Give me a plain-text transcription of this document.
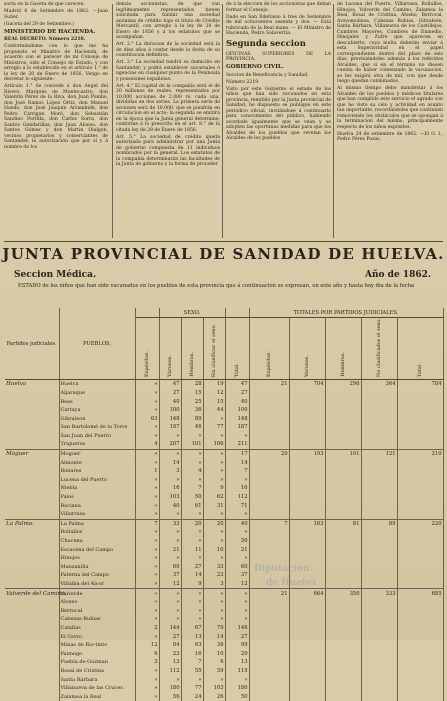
sorta en la Gaceta de que carecen.

Madrid 6 de Setiembre de 1862. —Juan Suñer.

(Gaceta del 29 de Setiembre.)

MINISTERIO DE HACIENDA.

REAL DECRETO. Número 2218.

Conformándome con lo que me ha propuesto el Ministro de Hacienda, de acuerdo con el parecer de mi Consejo de Ministros, oido el Consejo de Estado, y con arreglo á lo establecido en el artículo 1.° de la ley de 20 de Enero de 1856, Vengo en decretar lo siguiente:

Artículo 1.° Se concede á don Angel del Rivero, Marqués de Montecastro, don Valentin Pérez de la Riva, don Juan Pombo, don José Ramos López Ortiz, don Manuel Haedo, don José Joaquin Arrambide, don Pedro Carrigan Moró, don Sebastián Sandino Portilla, don Carlos Sorra, don Santos Gandarillas, don Juan Alonso, don Santos Gómez y don Martin Olalgon, vecinos propietarios y comerciantes de Santander, la autorización que por sí y á nombre de los

demás accionistas, de que van legítimamente representados tienen solicitada para fundar una sociedad anónima de crédito bajo el título de Crédito Mercantil, con arreglo á la ley de 28 de Enero de 1856 y á los estatutos que se acompañan.

Art. 2.° La duracion de la sociedad será la de diez años á contar desde la fecha de su constitucion definitiva.

Art. 3.° La sociedad tendrá su domicilio en Santander, y podrá establecer sucursales ó agencias en cualquier punto de la Península y posesiones españolas.

Art. 4.° El capital de la compañía será el de 20 millones de reales, representados por 10.000 acciones de 2.000 rs. cada una, divididas en dos series. La primera serie de acciones será de 10.000, que se pondrán en circulacion en el acto; la segunda se emitirá en la época que la Junta general determine, conforme á lo prescrito en el art. 8.° de la citada ley de 28 de Enero de 1856.

Art. 5.° La sociedad de crédito queda autorizada para administrar por una Junta de gobierno compuesta de 11 individuos nombrados por la general. Los estatutos de la compañía determinarán las facultades de la Junta de gobierno y la forma de proceder

de á la eleccion de los accionistas que deban formar el Consejo.

Dado en San Ildefonso á tres de Setiembre de mil ochocientos sesenta y dos. — Está rubricado de la Real mano. — El Ministro de Hacienda, Pedro Salaverría.

Segunda seccion

OFICINAS SUPERIORES DE LA PROVINCIA.

GOBIERNO CIVIL.

Seccion de Beneficencia y Sanidad.

Número 2219

Visto por este Gobierno el estado de los niños que han sido vacunados en esta provincia, remitido por la Junta provincial de Sanidad, he dispuesto se publique en este periódico oficial, invitándose á continuarlo para conocimiento del público, habiendo acordado igualmente que se vean y se adopten las oportunas medidas para que los Alcaldes de los pueblos que revelan los Alcaldes de los pueblos

de Lucena del Puerto, Villarrasa, Bollullos, Hinojos, Valverde del Camino, Zalamea la Real, Rosal de Cristina, Alosno, Berrocal, Aroyomolinos, Cabezas Rubias, Gibraleón, Santa Bárbara, Villanueva de los Castillejos, Cumbres Mayores, Cumbres de Enmedio, Hinojales y Zufre que aparecen en descubierto, cuya multa deberán enviar á esta Superioridad en el papel correspondiente dentro del plazo de seis días, previniéndoles además á los referidos Alcaldes, que si en el término no diesen cuenta de haber comenzado la vacunacion, se les exigirá otra de mil, con que desde luego quedan conminados.

Al mismo tiempo debo manifestar á los Alcaldes de los pueblos y médicos titulares que han cumplido este servicio el agrado con que he visto su celo y actividad en asunto tan importante, recordándoles que continúen removiendo los obstáculos que se opongan á la terminacion del mismo, principalmente respecto de los niños expósitos.

Huelva 24 de setiembre de 1862. —El G. I., Pedro Pérez Pozas.

JUNTA PROVINCIAL DE SANIDAD DE HUELVA.
Seccion Médica.	Año de 1862.
ESTADO de los niños que han sido vacunados en los pueblos de esta provincia que á continuacion se expresan, en este año y hasta hoy dia de la fecha
Partidos judiciales.	PUEBLOS.		SEXO.				TOTALES POR PARTIDOS JUDICIALES.				
		Expósitos.	Varones.	Hembras.	Sin clasificar el sexo.	Total.	Expósitos.	Varones.	Hembras.	No clasificados el sexo.	Total.
Huelva	Huelva	»	47	28	19	47	21	704	296	364	784
	Aljaraque	»	27	15	12	27					
	Beas	»	40	25	15	40					
	Cartaya	»	100	36	44	100					
	Gibraleon	63	148	89	»	148					
	San Bartolomé de la Torre	»	187	46	77	187					
	San Juan del Puerto	»	»	»	»	»					
	Trigueros	4	207	101	106	211					
Moguer	Moguer	»	»	»	»	17	29	193	101	121	210
	Almonte	»	14	»	»	14					
	Bonares	1	3	4	»	7					
	Lucena del Puerto	»	»	»	»	»					
	Niebla	»	16	7	9	16					
	Palos	»	103	50	62	112					
	Rociana	»	40	61	31	71					
	Villarrasa	»	»	»	»	»					
La Palma.	La Palma	7	33	20	20	40	7	163	81	89	220
	Bollullos	»	»	»	»	»					
	Chucena	»	»	»	»	50					
	Escacena del Campo	»	21	11	10	21					
	Hinojos	»	»	»	»	»					
	Manzanilla	»	60	27	33	60					
	Paterna del Campo	»	37	14	23	37					
	Villalba del Alcor	»	12	9	3	12					
Valverde del Camino.	Valverde	»	»	»	»	»	21	664	350	333	685
	Alosno	»	»	»	»	»					
	Berrocal	»	»	»	»	»					
	Cabezas Rubias	»	»	»	»	»					
	Calañas	2	144	67	79	146					
	El Cerro	»	27	13	14	27					
	Minas de Rio-tinto	12	84	63	36	99					
	Paimogo	6	23	16	10	29					
	Puebla de Guzman	3	13	7	6	13					
	Rosal de Cristina	»	112	55	59	115					
	Santa Bárbara	»	»	»	»	»					
	Villanueva de las Cruces	»	180	77	103	180					
	Zalamea la Real	»	56	24	26	50					
Diputación
de Huelva
